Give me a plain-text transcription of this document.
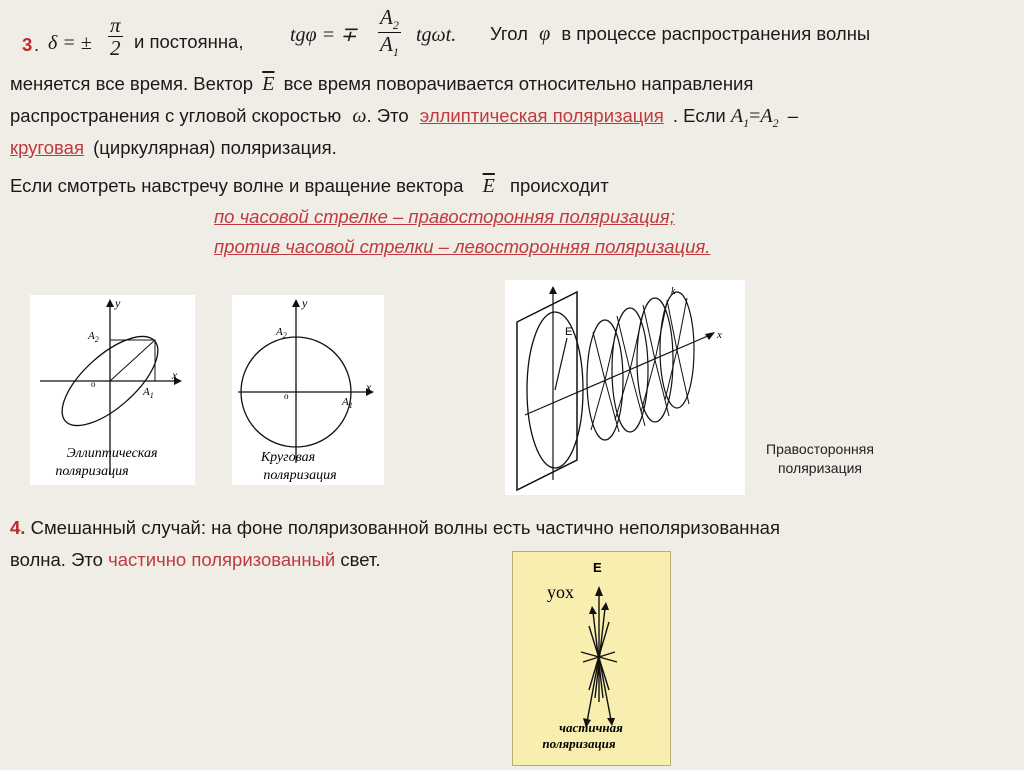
3 . δ = ± $\frac{\pi}{2}$ и постоянна, tgφ = ∓ $\frac{A_2}{A_1} tg\omega t$. Угол φ в процессе распространения волны
меняется все время. Вектор $\overline{E}$ все время поворачивается относительно направления
распространения с угловой скоростью ω. Это эллиптическая поляризация . Если $A_1=A_2$ –
круговая (циркулярная) поляризация.
Если смотреть навстречу волне и вращение вектора $\overline{E}$ происходит
по часовой стрелке – правосторонняя поляризация;
против часовой стрелки – левосторонняя поляризация.
y
x
$A_2$
$A_1$
o
Эллиптическая
поляризация
y
x
$A_2$
$A_1$
o
Круговая
поляризация
E	x
k
Правосторонняя
поляризация
4. Смешанный случай: на фоне поляризованной волны есть частично неполяризованная
волна. Это частично поляризованный свет.	E
yox
частичная
поляризация
